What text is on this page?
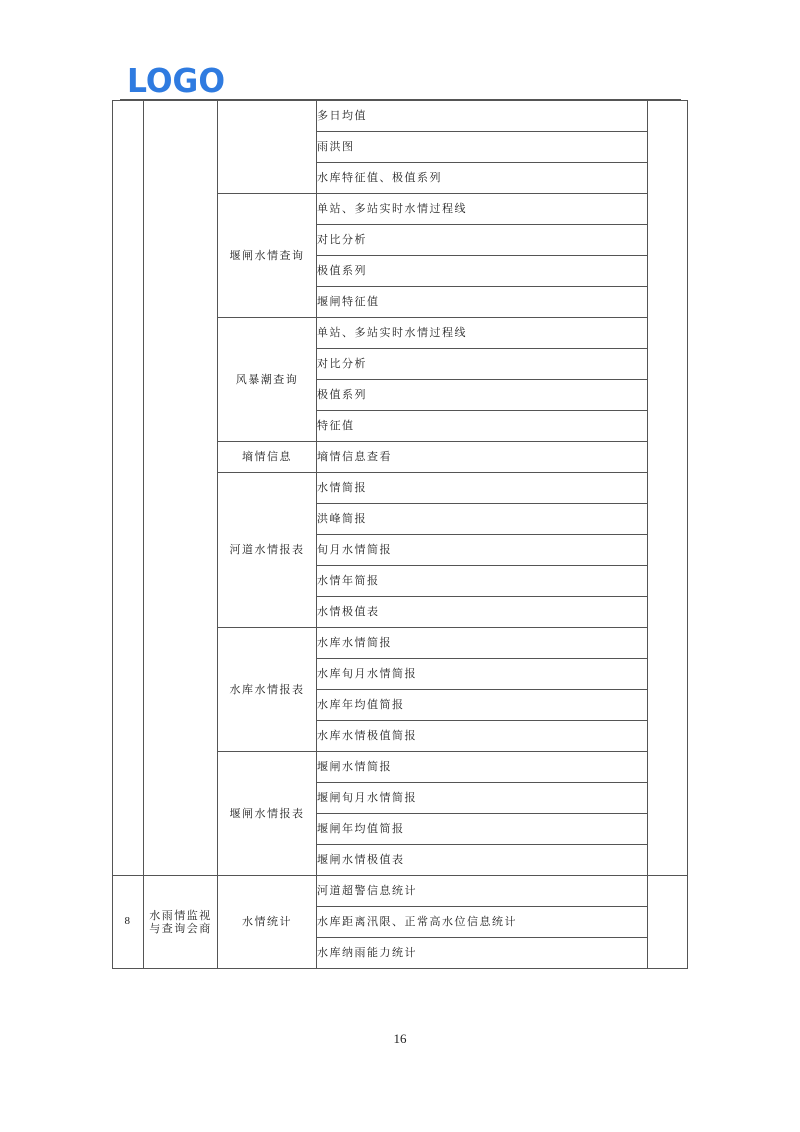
LOGO
			多日均值	
			雨洪图	
			水库特征值、极值系列	
		堰闸水情查询	单站、多站实时水情过程线	
			对比分析	
			极值系列	
			堰闸特征值	
		风暴潮查询	单站、多站实时水情过程线	
			对比分析	
			极值系列	
			特征值	
		墒情信息	墒情信息查看	
		河道水情报表	水情简报	
			洪峰简报	
			旬月水情简报	
			水情年简报	
			水情极值表	
		水库水情报表	水库水情简报	
			水库旬月水情简报	
			水库年均值简报	
			水库水情极值简报	
		堰闸水情报表	堰闸水情简报	
			堰闸旬月水情简报	
			堰闸年均值简报	
			堰闸水情极值表	
8	水雨情监视与查询会商	水情统计	河道超警信息统计	
			水库距离汛限、正常高水位信息统计	
			水库纳雨能力统计	
16
